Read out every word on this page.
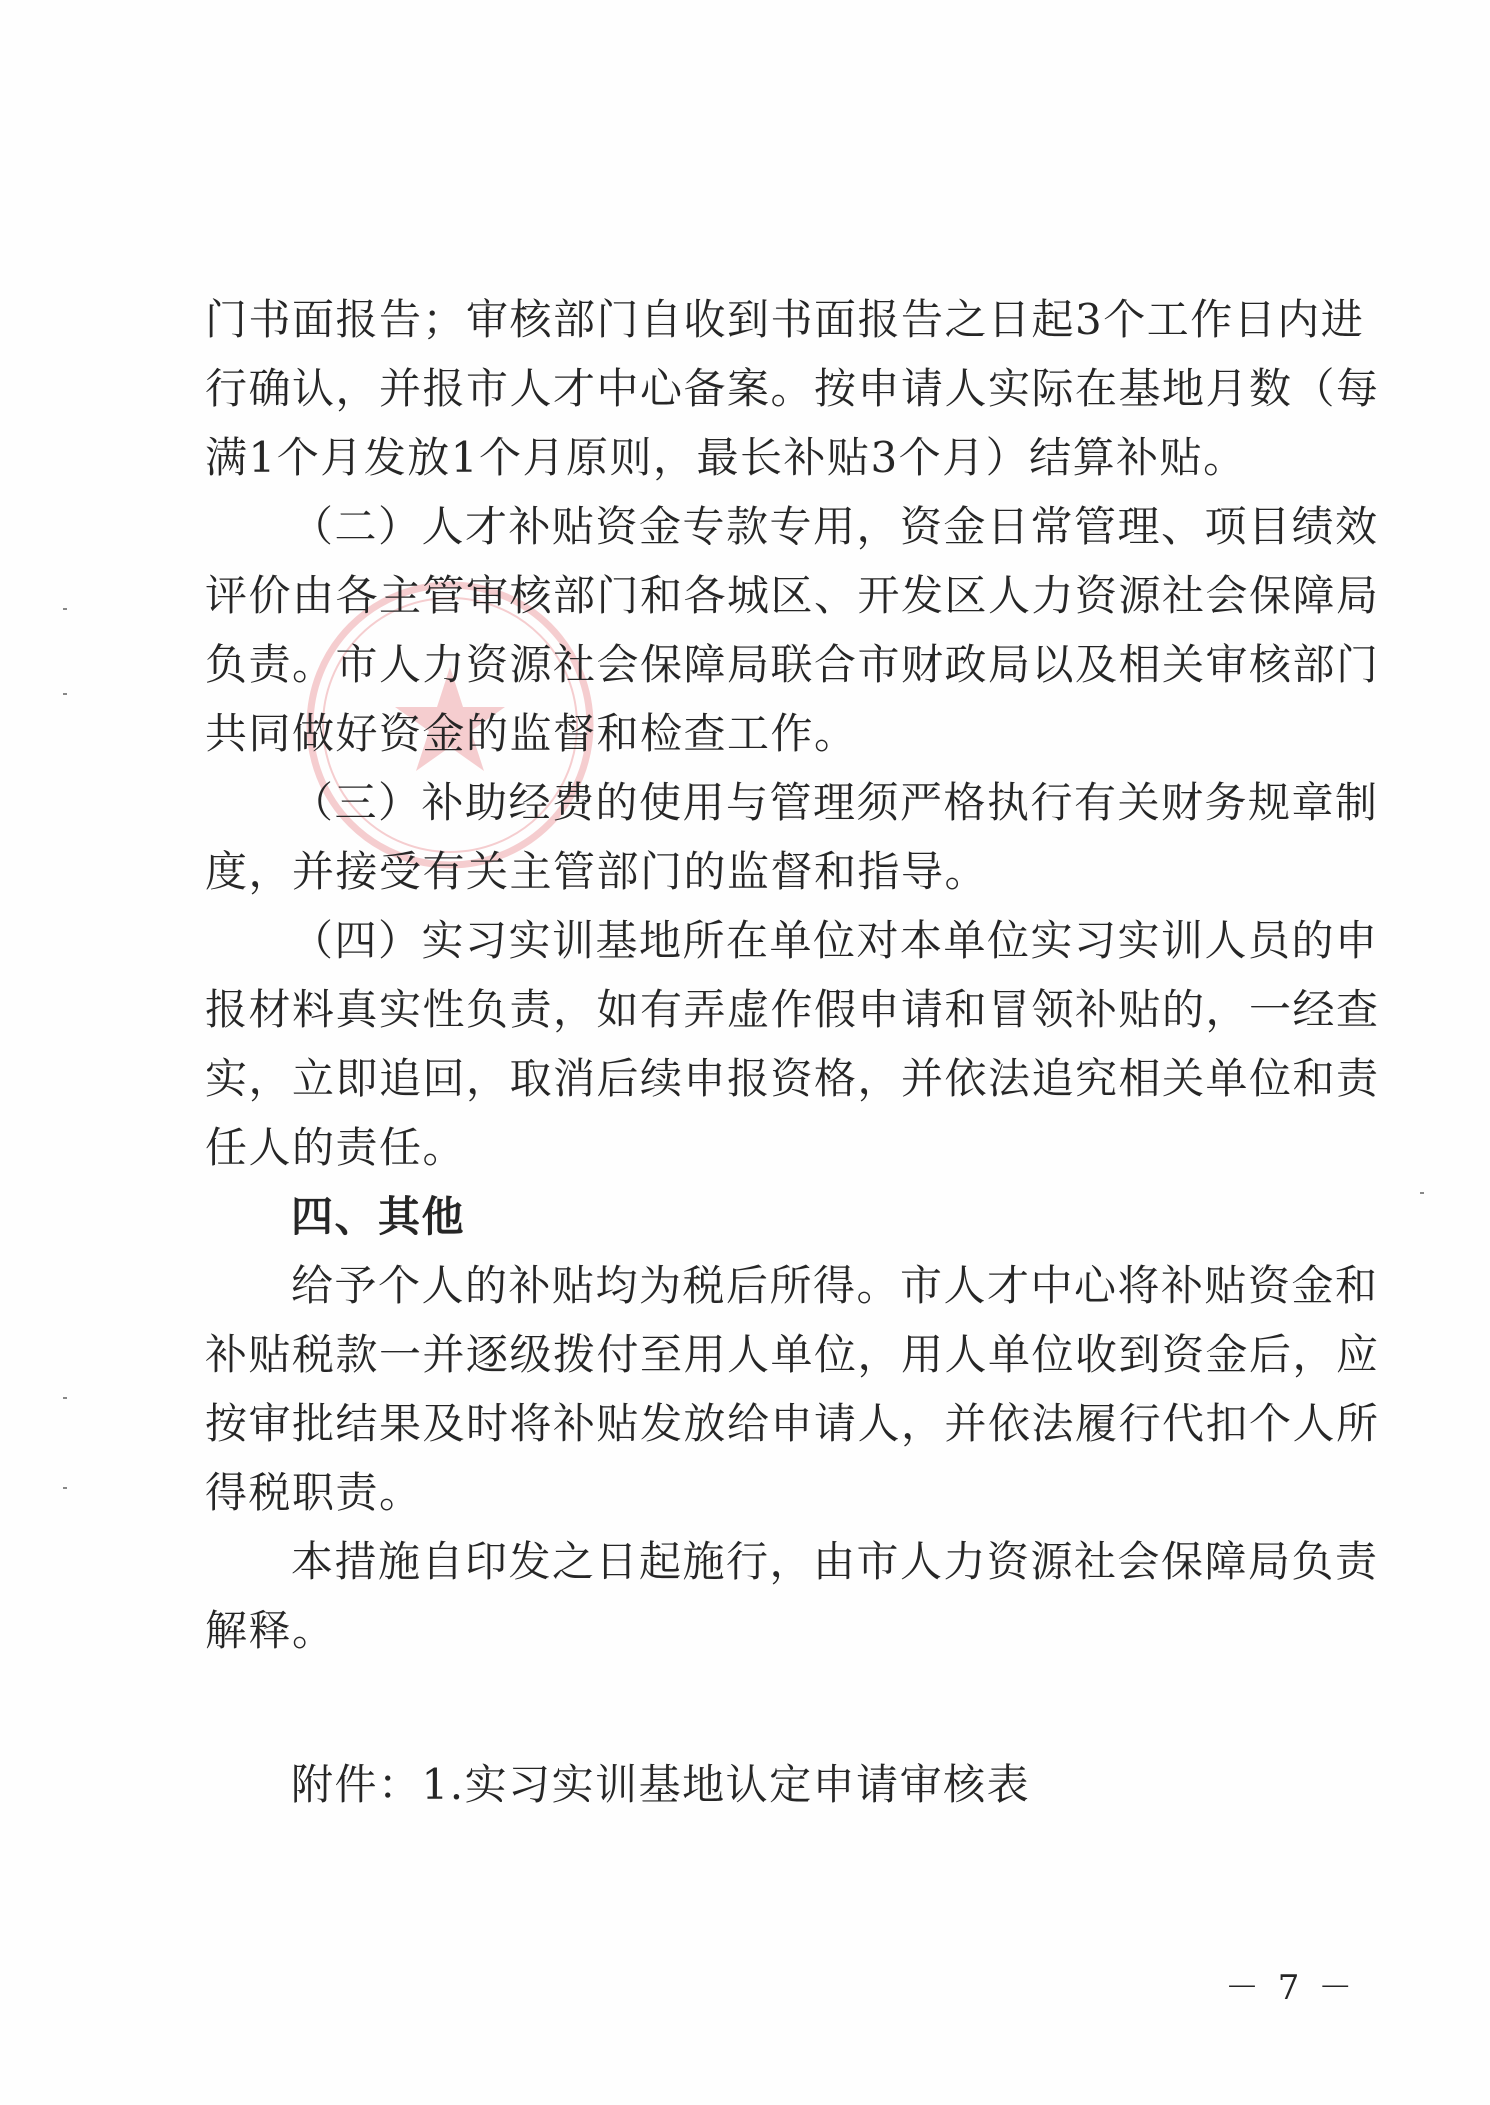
门书面报告；审核部门自收到书面报告之日起3个工作日内进
行确认，并报市人才中心备案。按申请人实际在基地月数（每
满1个月发放1个月原则，最长补贴3个月）结算补贴。
（二）人才补贴资金专款专用，资金日常管理、项目绩效
评价由各主管审核部门和各城区、开发区人力资源社会保障局
负责。市人力资源社会保障局联合市财政局以及相关审核部门
共同做好资金的监督和检查工作。
（三）补助经费的使用与管理须严格执行有关财务规章制
度，并接受有关主管部门的监督和指导。
（四）实习实训基地所在单位对本单位实习实训人员的申
报材料真实性负责，如有弄虚作假申请和冒领补贴的，一经查
实，立即追回，取消后续申报资格，并依法追究相关单位和责
任人的责任。
四、其他
给予个人的补贴均为税后所得。市人才中心将补贴资金和
补贴税款一并逐级拨付至用人单位，用人单位收到资金后，应
按审批结果及时将补贴发放给申请人，并依法履行代扣个人所
得税职责。
本措施自印发之日起施行，由市人力资源社会保障局负责
解释。
附件：1.实习实训基地认定申请审核表
－ 7 －
